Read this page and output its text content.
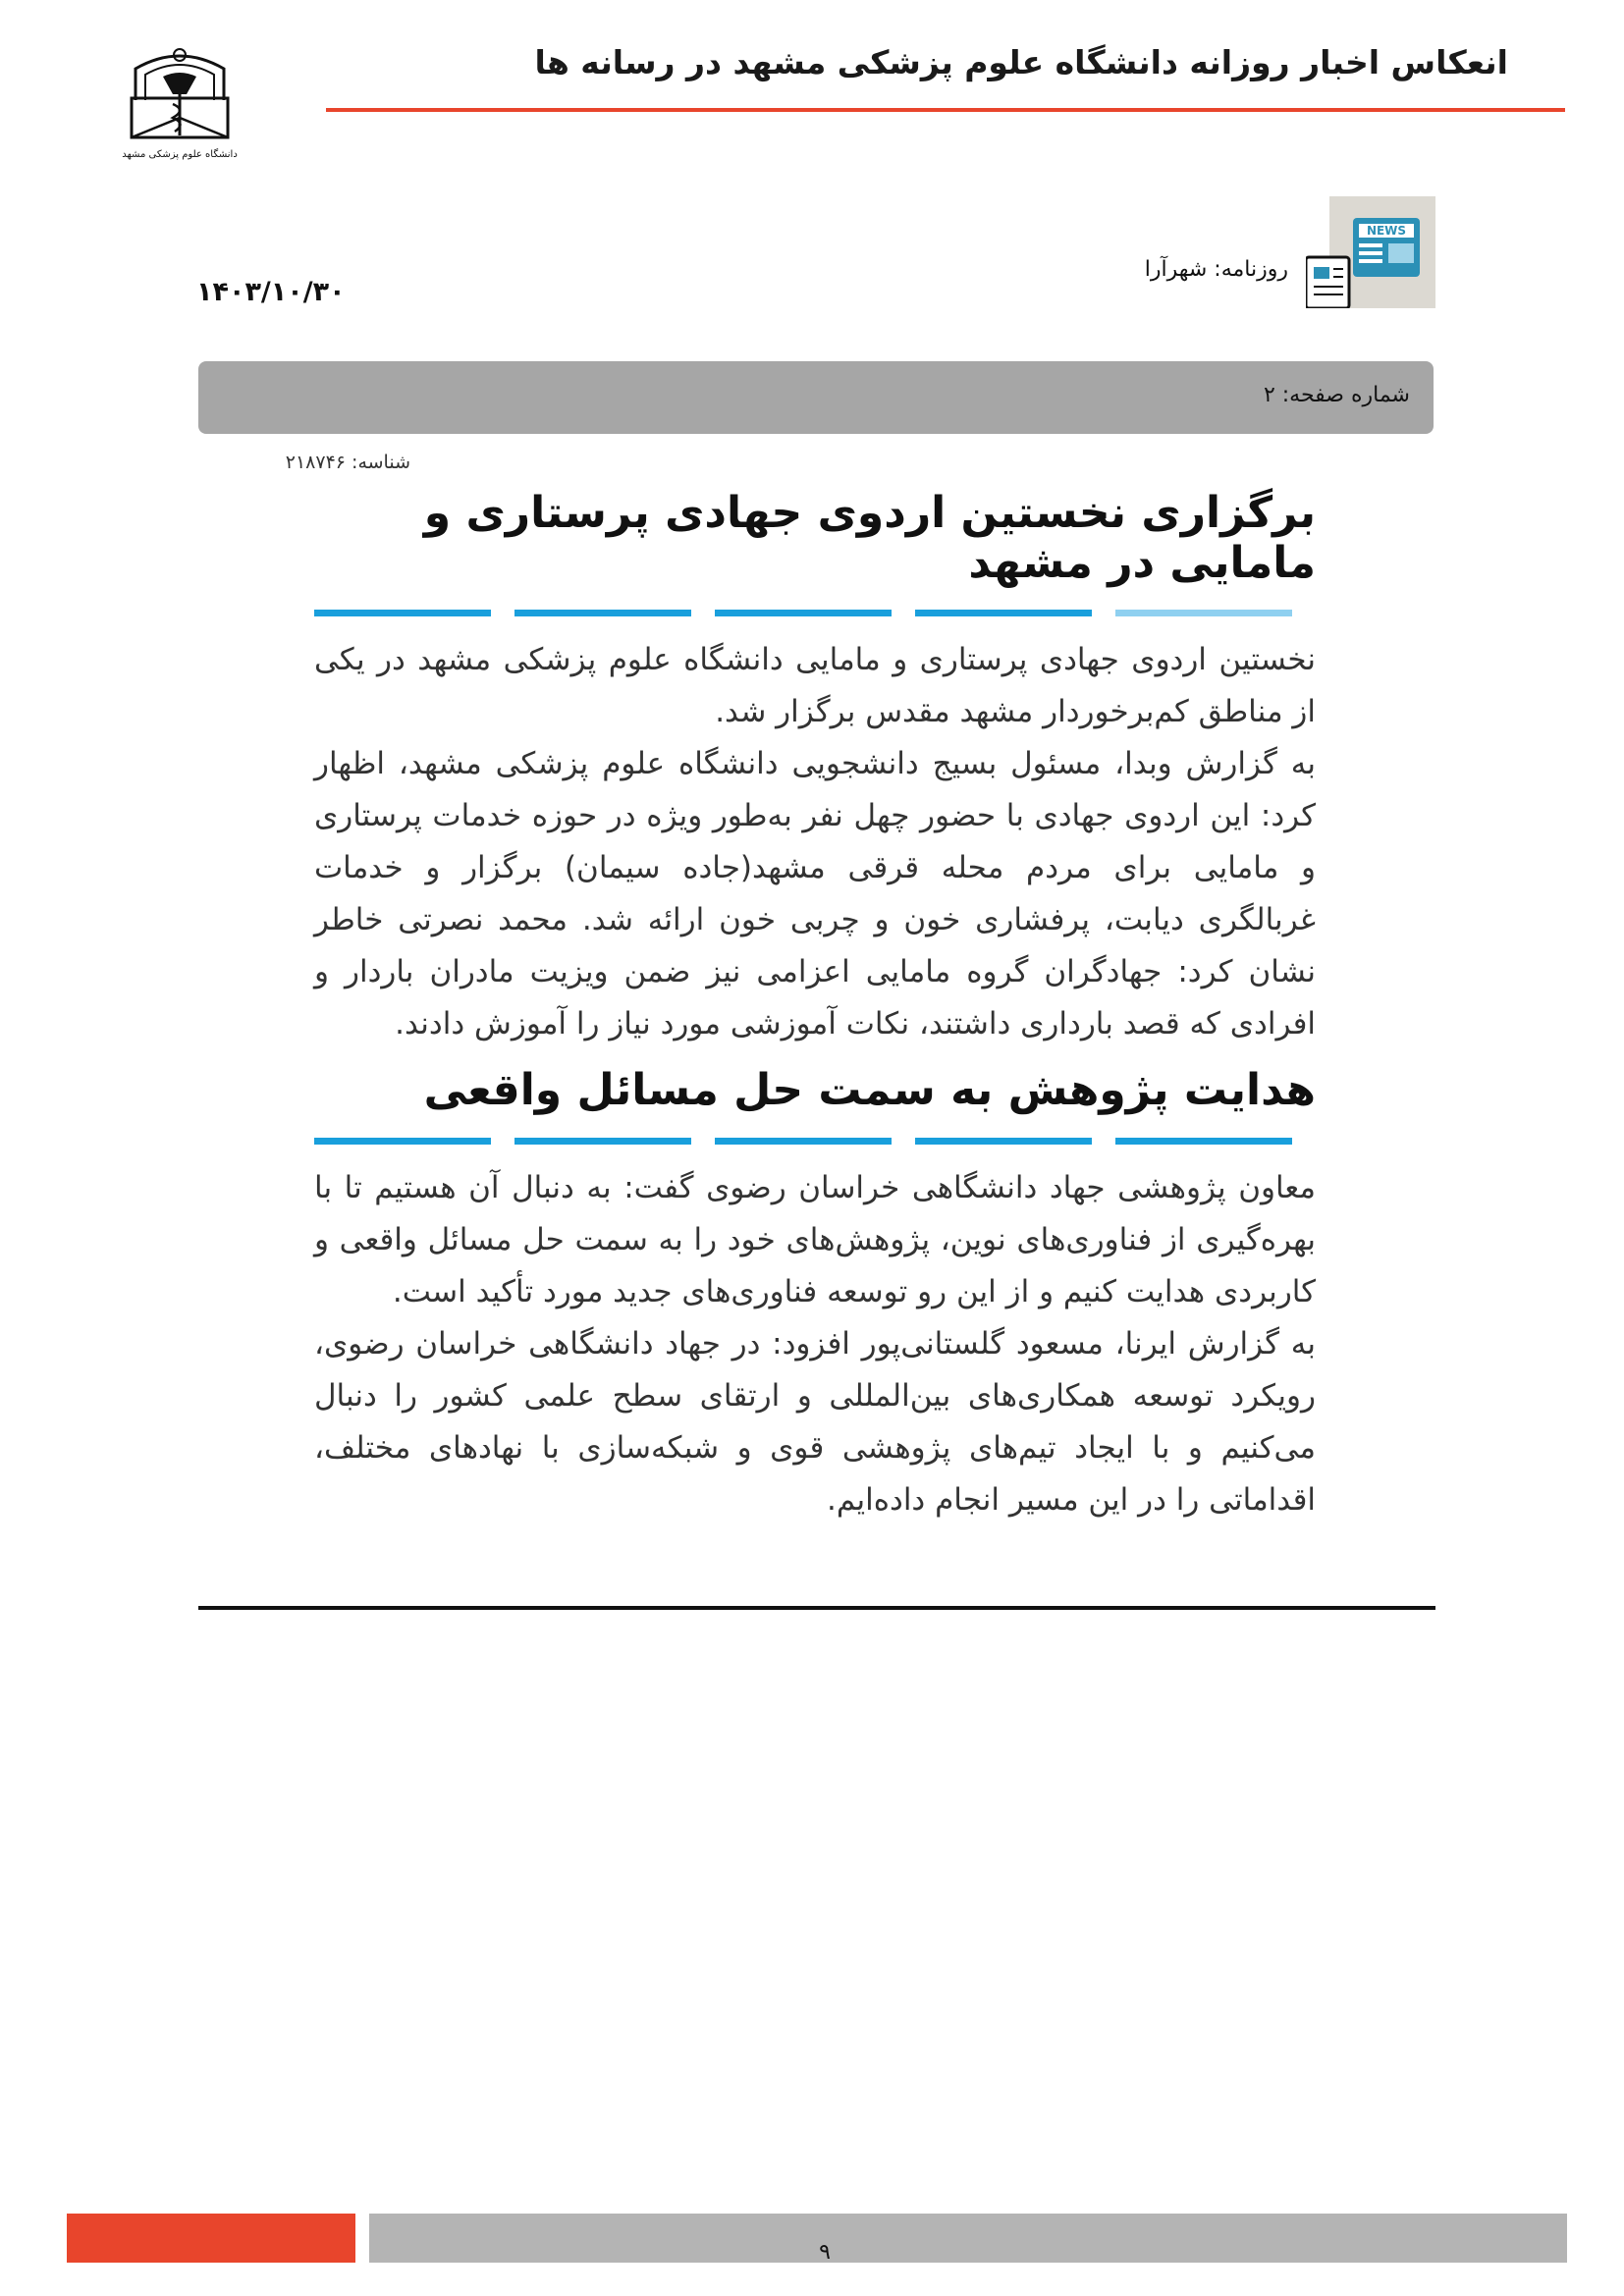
انعکاس اخبار روزانه دانشگاه علوم پزشکی مشهد در رسانه ها
دانشگاه علوم پزشکی مشهد
NEWS
روزنامه: شهرآرا
۱۴۰۳/۱۰/۳۰
شماره صفحه: ۲
شناسه: ۲۱۸۷۴۶
برگزاری نخستین اردوی جهادی پرستاری و مامایی در مشهد

نخستین اردوی جهادی پرستاری و مامایی دانشگاه علوم پزشکی مشهد در یکی از مناطق کم‌برخوردار مشهد مقدس برگزار شد.

به گزارش وبدا، مسئول بسیج دانشجویی دانشگاه علوم پزشکی مشهد، اظهار کرد: این اردوی جهادی با حضور چهل نفر به‌طور ویژه در حوزه خدمات پرستاری و مامایی برای مردم محله قرقی مشهد(جاده سیمان) برگزار و خدمات غربالگری دیابت، پرفشاری خون و چربی خون ارائه شد. محمد نصرتی خاطر نشان کرد: جهادگران گروه مامایی اعزامی نیز ضمن ویزیت مادران باردار و افرادی که قصد بارداری داشتند، نکات آموزشی مورد نیاز را آموزش دادند.

هدایت پژوهش به سمت حل مسائل واقعی

معاون پژوهشی جهاد دانشگاهی خراسان رضوی گفت: به دنبال آن هستیم تا با بهره‌گیری از فناوری‌های نوین، پژوهش‌های خود را به سمت حل مسائل واقعی و کاربردی هدایت کنیم و از این رو توسعه فناوری‌های جدید مورد تأکید است.

به گزارش ایرنا، مسعود گلستانی‌پور افزود: در جهاد دانشگاهی خراسان رضوی، رویکرد توسعه همکاری‌های بین‌المللی و ارتقای سطح علمی کشور را دنبال می‌کنیم و با ایجاد تیم‌های پژوهشی قوی و شبکه‌سازی با نهادهای مختلف، اقداماتی را در این مسیر انجام داده‌ایم.

۹
